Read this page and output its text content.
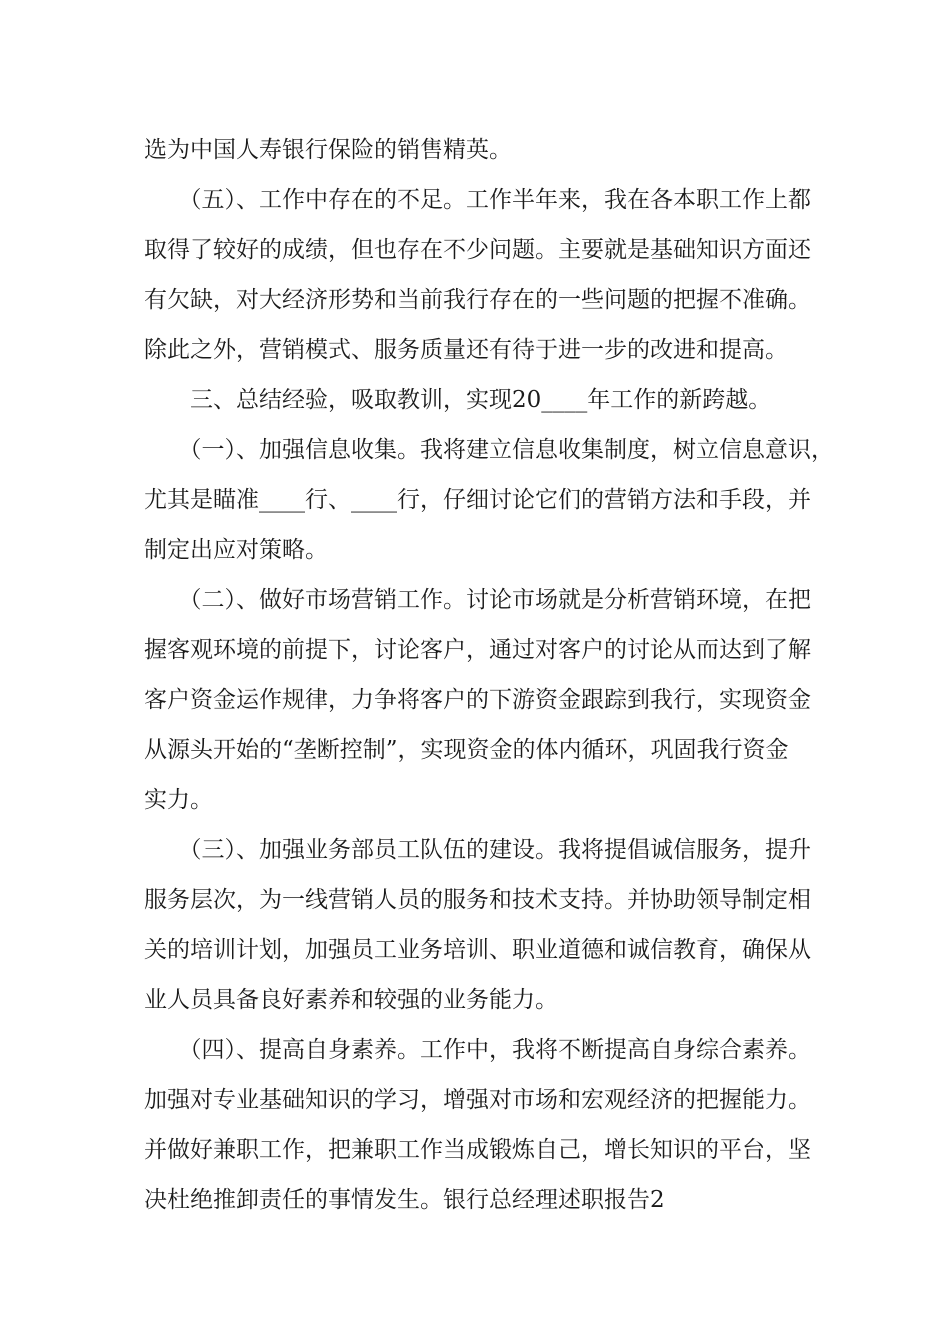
选为中国人寿银行保险的销售精英。
　　（五）、工作中存在的不足。工作半年来，我在各本职工作上都
取得了较好的成绩，但也存在不少问题。主要就是基础知识方面还
有欠缺，对大经济形势和当前我行存在的一些问题的把握不准确。
除此之外，营销模式、服务质量还有待于进一步的改进和提高。
　　三、总结经验，吸取教训，实现20____年工作的新跨越。
　　（一）、加强信息收集。我将建立信息收集制度，树立信息意识，
尤其是瞄准____行、____行，仔细讨论它们的营销方法和手段，并
制定出应对策略。
　　（二）、做好市场营销工作。讨论市场就是分析营销环境，在把
握客观环境的前提下，讨论客户，通过对客户的讨论从而达到了解
客户资金运作规律，力争将客户的下游资金跟踪到我行，实现资金
从源头开始的“垄断控制”，实现资金的体内循环，巩固我行资金
实力。
　　（三）、加强业务部员工队伍的建设。我将提倡诚信服务，提升
服务层次，为一线营销人员的服务和技术支持。并协助领导制定相
关的培训计划，加强员工业务培训、职业道德和诚信教育，确保从
业人员具备良好素养和较强的业务能力。
　　（四）、提高自身素养。工作中，我将不断提高自身综合素养。
加强对专业基础知识的学习，增强对市场和宏观经济的把握能力。
并做好兼职工作，把兼职工作当成锻炼自己，增长知识的平台，坚
决杜绝推卸责任的事情发生。银行总经理述职报告2
